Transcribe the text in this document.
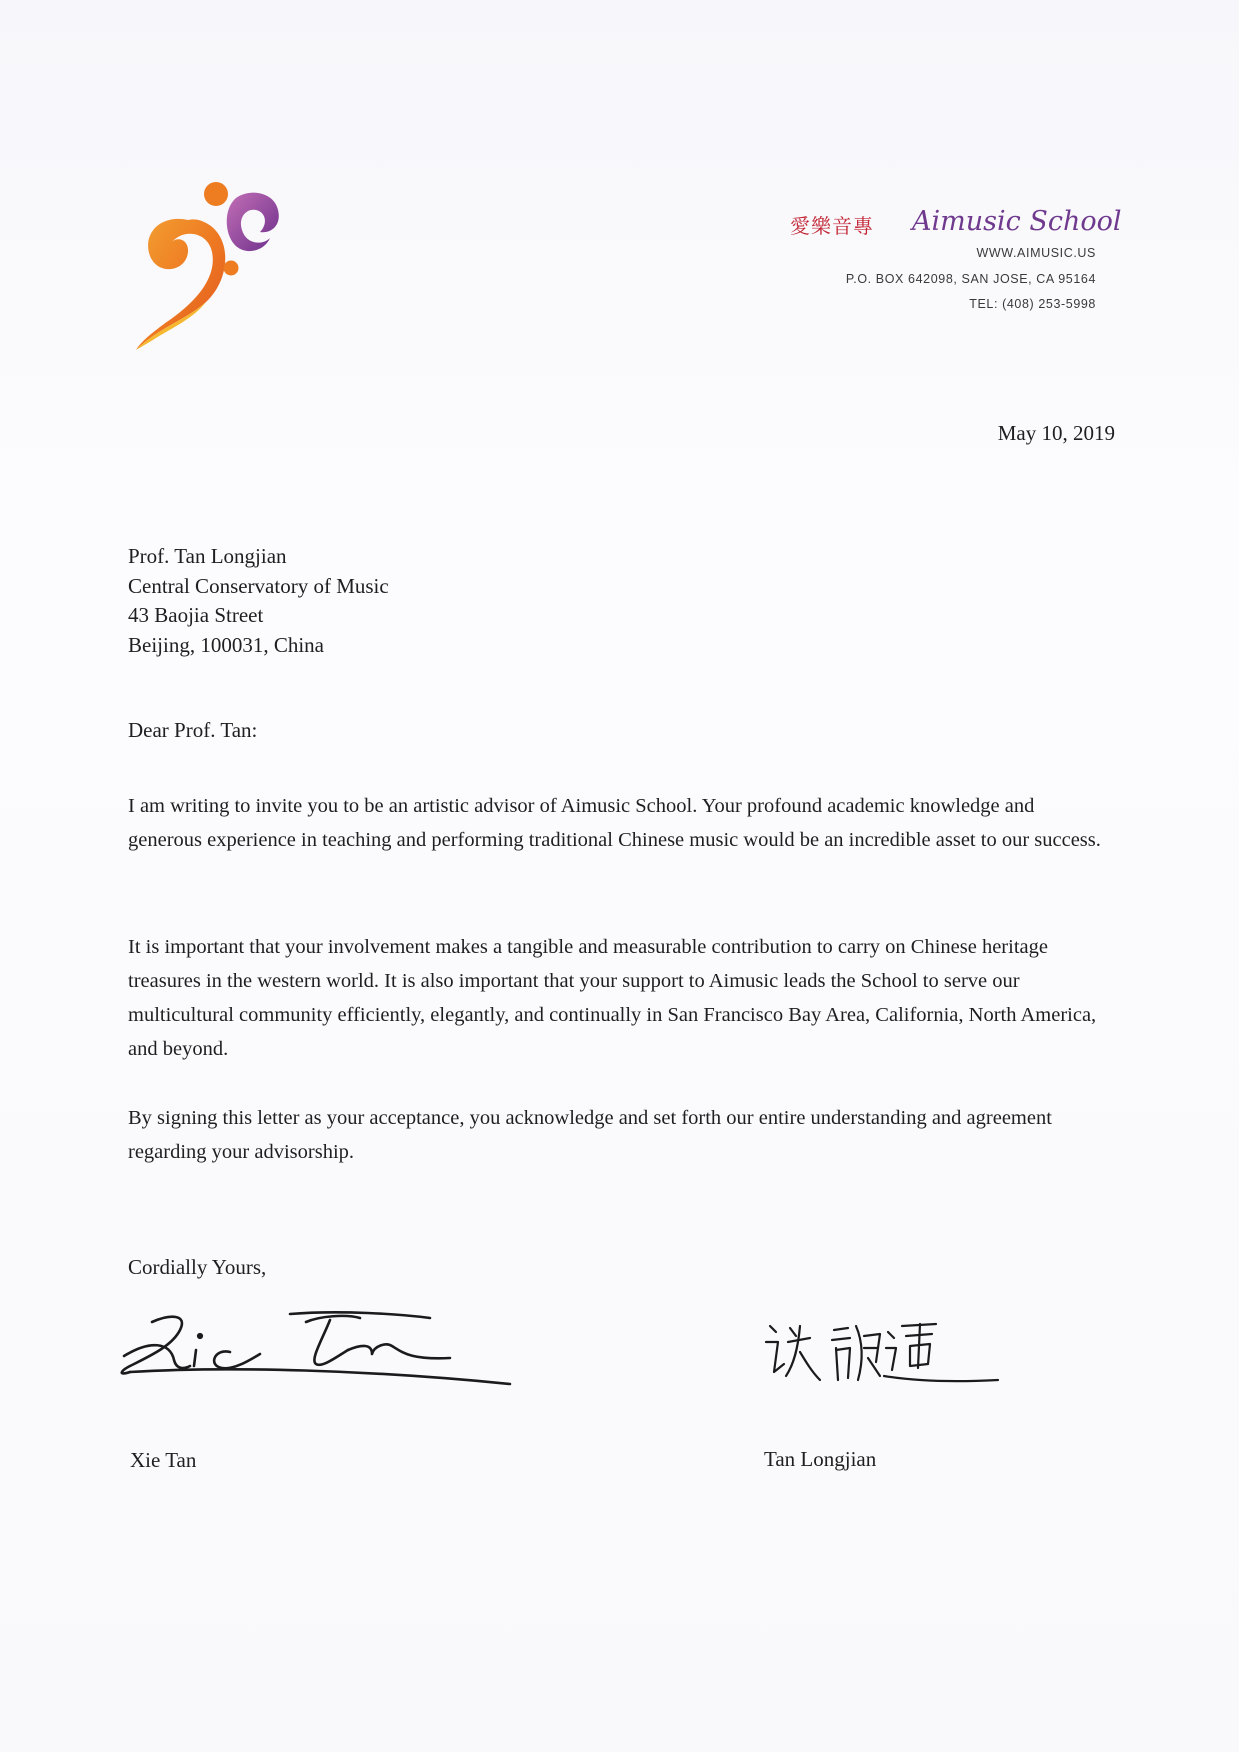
愛樂音專 Aimusic School
WWW.AIMUSIC.US
P.O. BOX 642098, SAN JOSE, CA 95164
TEL: (408) 253-5998
May 10, 2019
Prof. Tan Longjian
Central Conservatory of Music
43 Baojia Street
Beijing, 100031, China
Dear Prof. Tan:
I am writing to invite you to be an artistic advisor of Aimusic School. Your profound academic knowledge and generous experience in teaching and performing traditional Chinese music would be an incredible asset to our success.
It is important that your involvement makes a tangible and measurable contribution to carry on Chinese heritage treasures in the western world. It is also important that your support to Aimusic leads the School to serve our multicultural community efficiently, elegantly, and continually in San Francisco Bay Area, California, North America, and beyond.
By signing this letter as your acceptance, you acknowledge and set forth our entire understanding and agreement regarding your advisorship.
Cordially Yours,
Xie Tan	Tan Longjian
